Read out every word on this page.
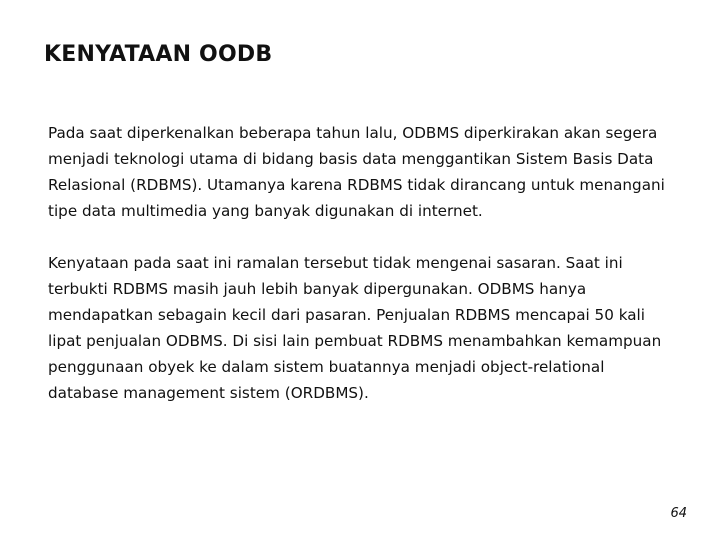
KENYATAAN OODB

Pada saat diperkenalkan beberapa tahun lalu, ODBMS diperkirakan akan segera menjadi teknologi utama di bidang basis data menggantikan Sistem Basis Data Relasional (RDBMS). Utamanya karena RDBMS tidak dirancang untuk menangani tipe data multimedia yang banyak digunakan di internet.

Kenyataan pada saat ini ramalan tersebut tidak mengenai sasaran. Saat ini terbukti RDBMS masih jauh lebih banyak dipergunakan. ODBMS hanya mendapatkan sebagain kecil dari pasaran. Penjualan RDBMS mencapai 50 kali lipat penjualan ODBMS. Di sisi lain pembuat RDBMS menambahkan kemampuan penggunaan obyek ke dalam sistem buatannya menjadi object-relational database management sistem (ORDBMS).

64
